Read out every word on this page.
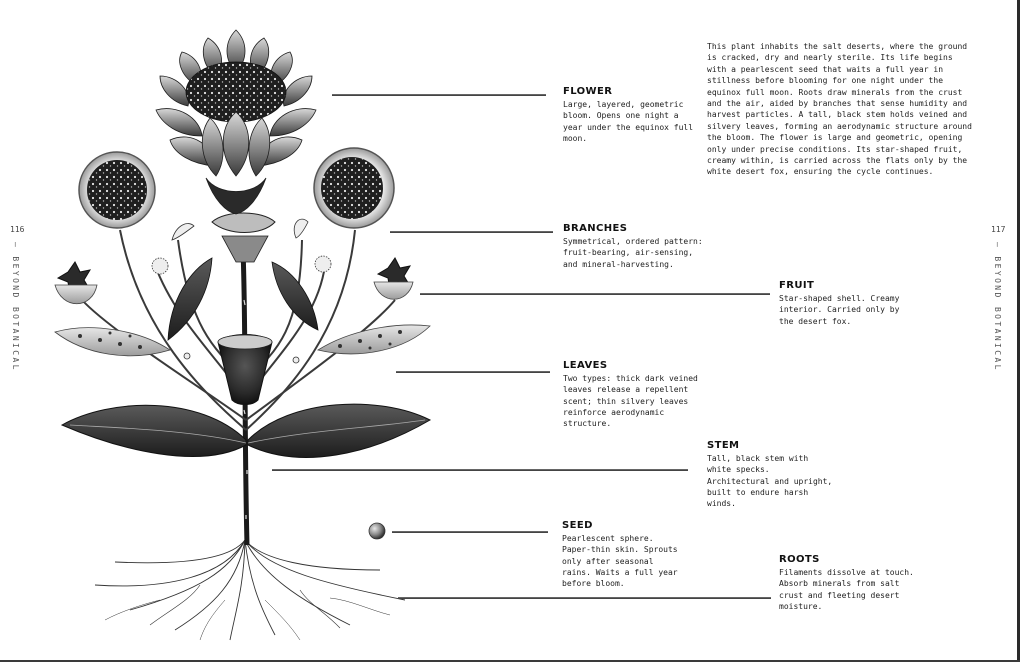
FLOWER

Large, layered, geometric bloom. Opens one night a year under the equinox full moon.

BRANCHES

Symmetrical, ordered pattern: fruit-bearing, air-sensing, and mineral-harvesting.

FRUIT

Star-shaped shell. Creamy interior. Carried only by the desert fox.

LEAVES

Two types: thick dark veined leaves release a repellent scent; thin silvery leaves reinforce aerodynamic structure.

STEM

Tall, black stem with white specks. Architectural and upright, built to endure harsh winds.

SEED

Pearlescent sphere. Paper-thin skin. Sprouts only after seasonal rains. Waits a full year before bloom.

ROOTS

Filaments dissolve at touch. Absorb minerals from salt crust and fleeting desert moisture.

This plant inhabits the salt deserts, where the ground is cracked, dry and nearly sterile. Its life begins with a pearlescent seed that waits a full year in stillness before blooming for one night under the equinox full moon. Roots draw minerals from the crust and the air, aided by branches that sense humidity and harvest particles. A tall, black stem holds veined and silvery leaves, forming an aerodynamic structure around the bloom. The flower is large and geometric, opening only under precise conditions. Its star-shaped fruit, creamy within, is carried across the flats only by the white desert fox, ensuring the cycle continues.

116
— BEYOND BOTANICAL
117
— BEYOND BOTANICAL
